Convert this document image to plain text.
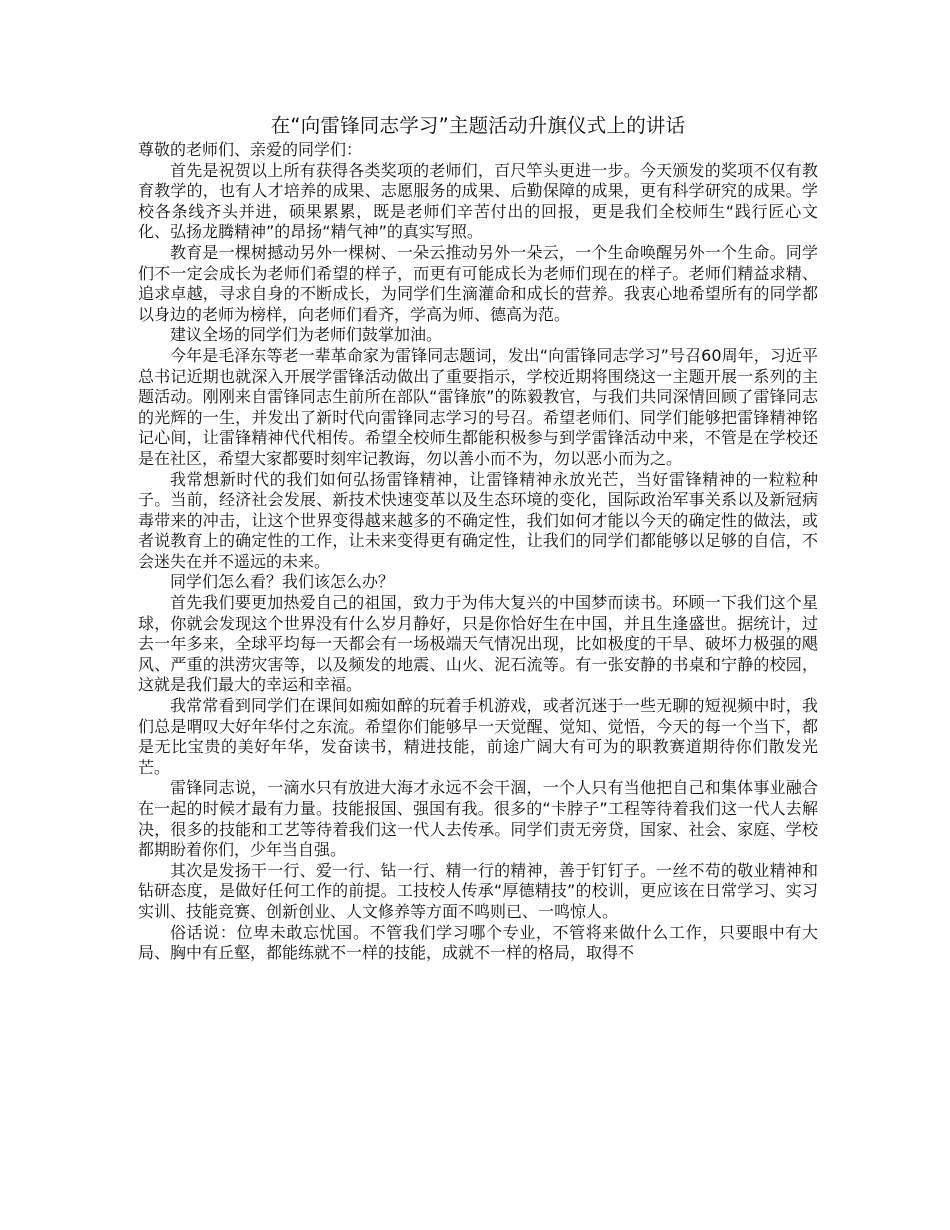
在“向雷锋同志学习”主题活动升旗仪式上的讲话

尊敬的老师们、亲爱的同学们：

首先是祝贺以上所有获得各类奖项的老师们，百尺竿头更进一步。今天颁发的奖项不仅有教育教学的，也有人才培养的成果、志愿服务的成果、后勤保障的成果，更有科学研究的成果。学校各条线齐头并进，硕果累累，既是老师们辛苦付出的回报，更是我们全校师生“践行匠心文化、弘扬龙腾精神”的昂扬“精气神”的真实写照。

教育是一棵树撼动另外一棵树、一朵云推动另外一朵云，一个生命唤醒另外一个生命。同学们不一定会成长为老师们希望的样子，而更有可能成长为老师们现在的样子。老师们精益求精、追求卓越，寻求自身的不断成长，为同学们生滴灌命和成长的营养。我衷心地希望所有的同学都以身边的老师为榜样，向老师们看齐，学高为师、德高为范。

建议全场的同学们为老师们鼓掌加油。

今年是毛泽东等老一辈革命家为雷锋同志题词，发出“向雷锋同志学习”号召60周年，习近平总书记近期也就深入开展学雷锋活动做出了重要指示，学校近期将围绕这一主题开展一系列的主题活动。刚刚来自雷锋同志生前所在部队“雷锋旅”的陈毅教官，与我们共同深情回顾了雷锋同志的光辉的一生，并发出了新时代向雷锋同志学习的号召。希望老师们、同学们能够把雷锋精神铭记心间，让雷锋精神代代相传。希望全校师生都能积极参与到学雷锋活动中来，不管是在学校还是在社区，希望大家都要时刻牢记教诲，勿以善小而不为，勿以恶小而为之。

我常想新时代的我们如何弘扬雷锋精神，让雷锋精神永放光芒，当好雷锋精神的一粒粒种子。当前，经济社会发展、新技术快速变革以及生态环境的变化，国际政治军事关系以及新冠病毒带来的冲击，让这个世界变得越来越多的不确定性，我们如何才能以今天的确定性的做法，或者说教育上的确定性的工作，让未来变得更有确定性，让我们的同学们都能够以足够的自信，不会迷失在并不遥远的未来。

同学们怎么看？我们该怎么办？

首先我们要更加热爱自己的祖国，致力于为伟大复兴的中国梦而读书。环顾一下我们这个星球，你就会发现这个世界没有什么岁月静好，只是你恰好生在中国，并且生逢盛世。据统计，过去一年多来，全球平均每一天都会有一场极端天气情况出现，比如极度的干旱、破坏力极强的飓风、严重的洪涝灾害等，以及频发的地震、山火、泥石流等。有一张安静的书桌和宁静的校园，这就是我们最大的幸运和幸福。

我常常看到同学们在课间如痴如醉的玩着手机游戏，或者沉迷于一些无聊的短视频中时，我们总是喟叹大好年华付之东流。希望你们能够早一天觉醒、觉知、觉悟，今天的每一个当下，都是无比宝贵的美好年华，发奋读书，精进技能，前途广阔大有可为的职教赛道期待你们散发光芒。

雷锋同志说，一滴水只有放进大海才永远不会干涸，一个人只有当他把自己和集体事业融合在一起的时候才最有力量。技能报国、强国有我。很多的“卡脖子”工程等待着我们这一代人去解决，很多的技能和工艺等待着我们这一代人去传承。同学们责无旁贷，国家、社会、家庭、学校都期盼着你们，少年当自强。

其次是发扬干一行、爱一行、钻一行、精一行的精神，善于钉钉子。一丝不苟的敬业精神和钻研态度，是做好任何工作的前提。工技校人传承“厚德精技”的校训，更应该在日常学习、实习实训、技能竞赛、创新创业、人文修养等方面不鸣则已、一鸣惊人。

俗话说：位卑未敢忘忧国。不管我们学习哪个专业，不管将来做什么工作，只要眼中有大局、胸中有丘壑，都能练就不一样的技能，成就不一样的格局，取得不
